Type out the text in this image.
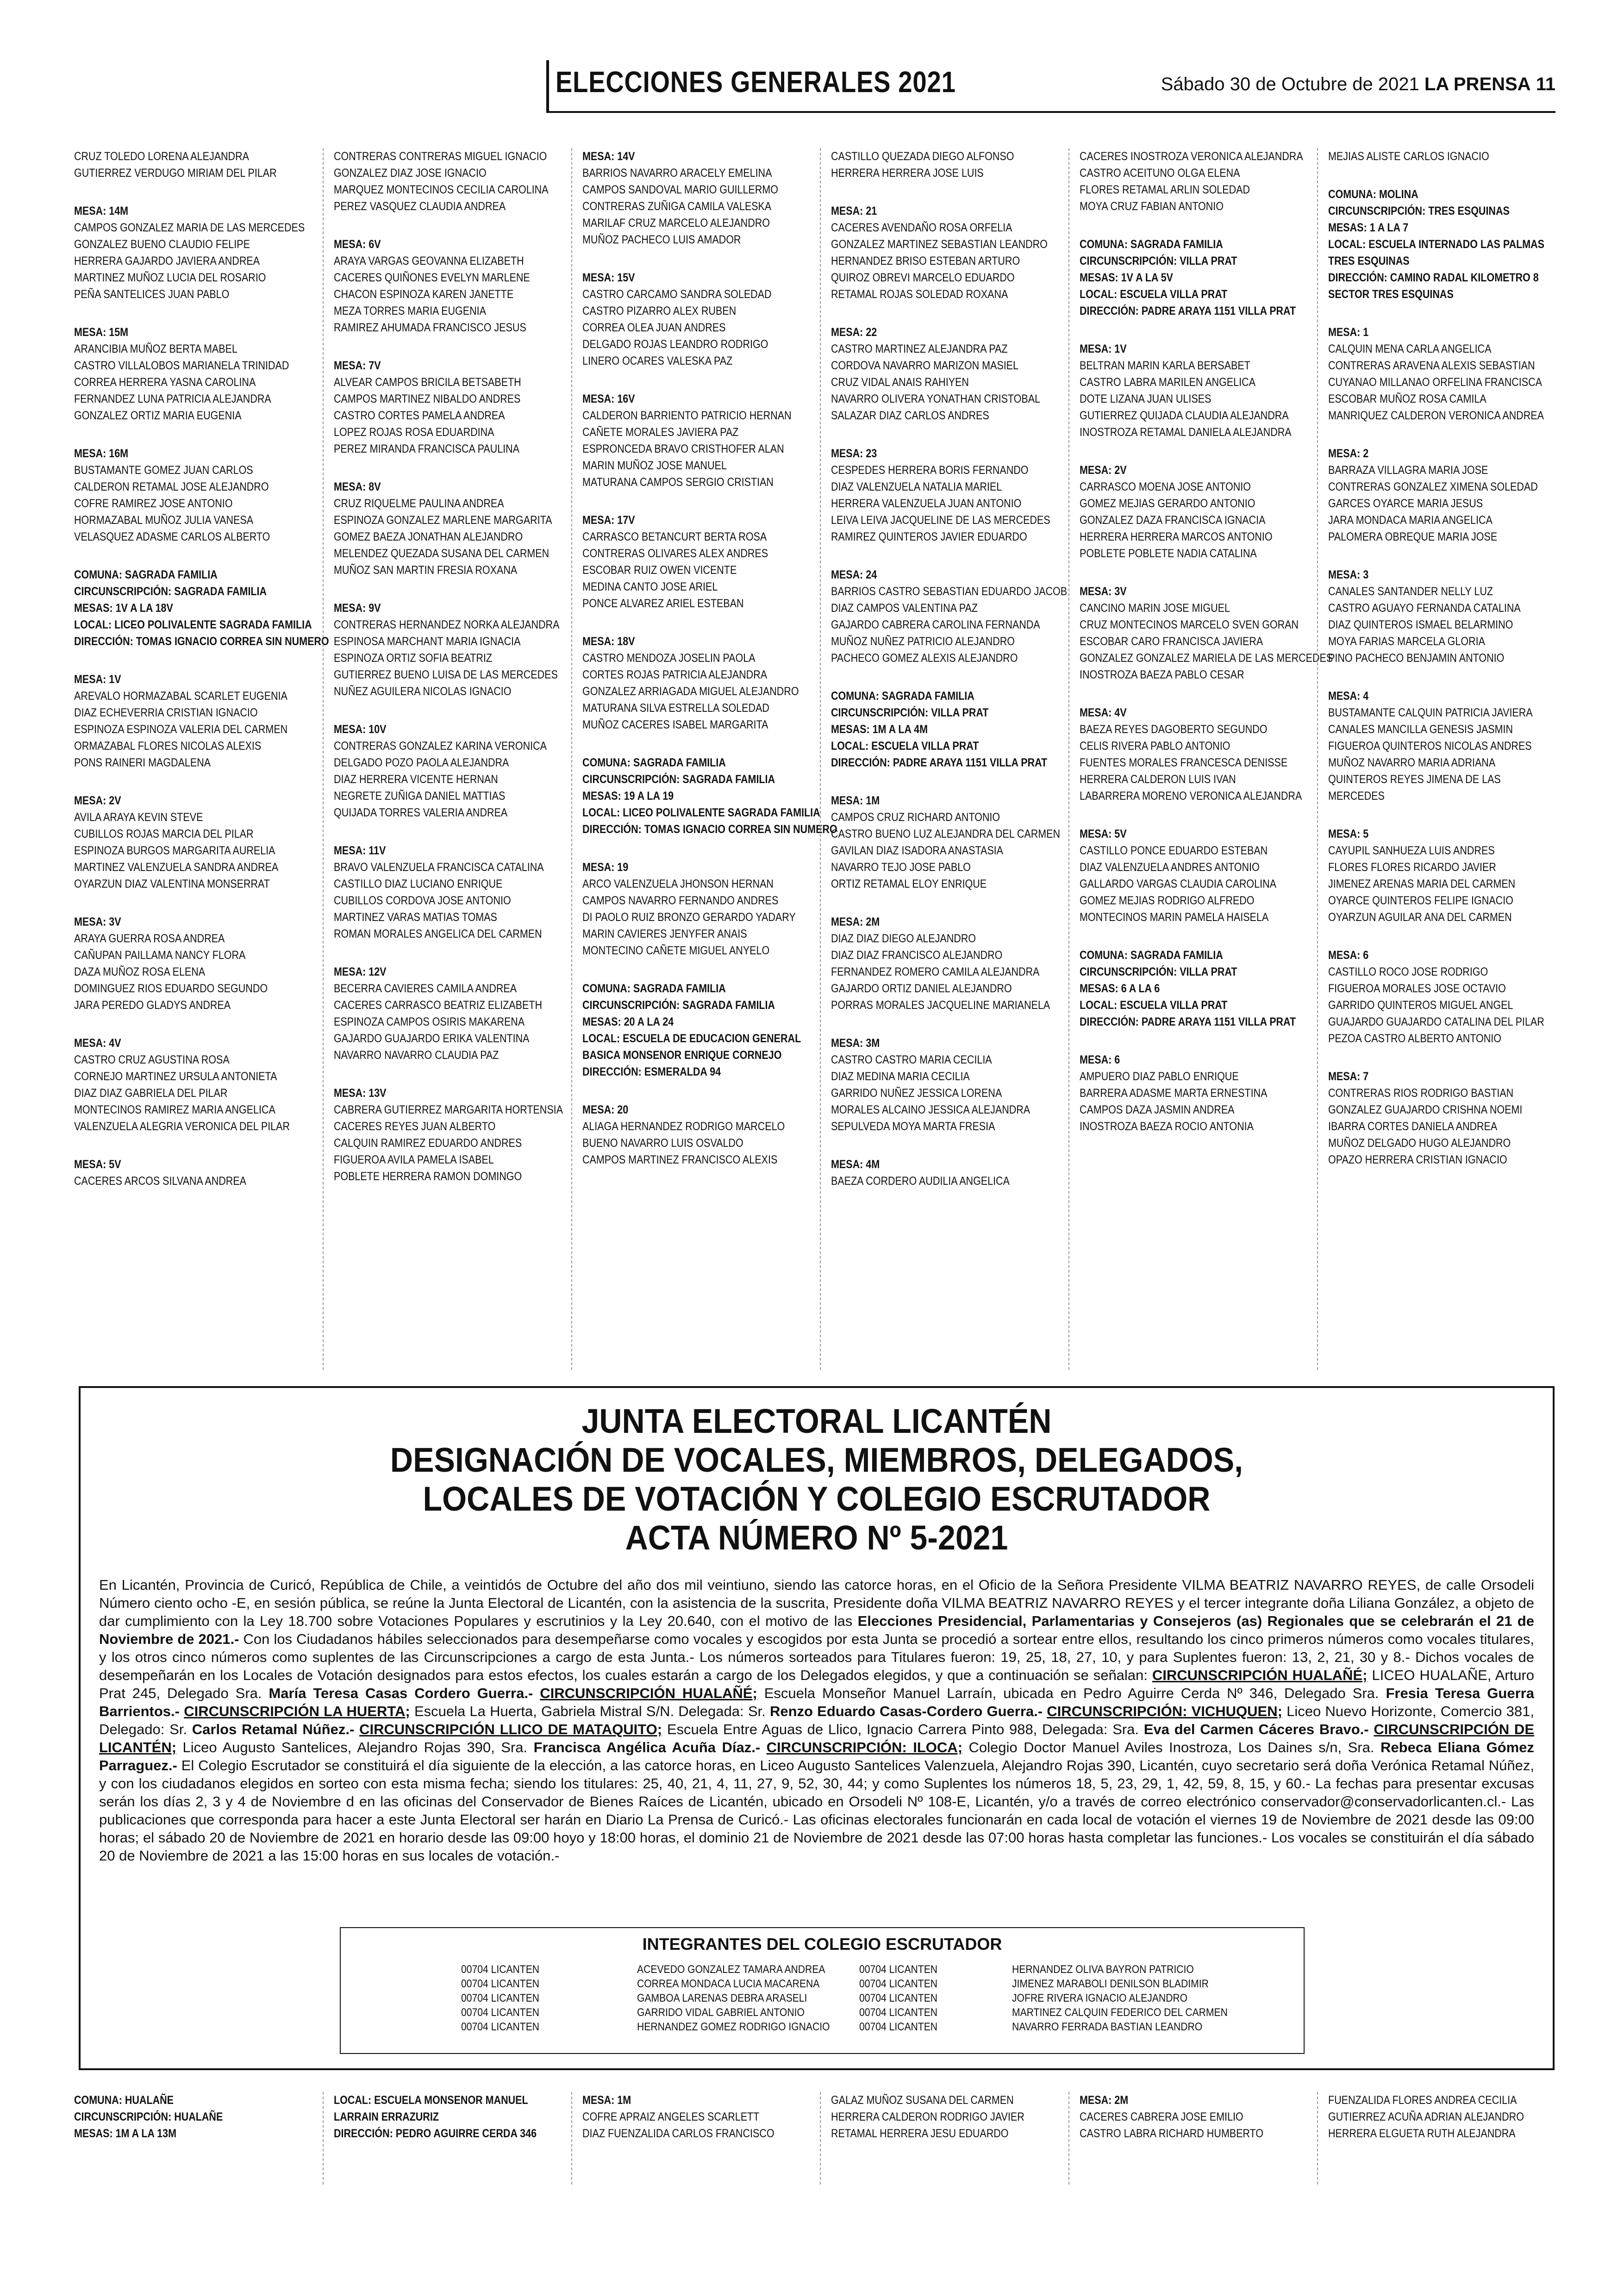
ELECCIONES GENERALES 2021	Sábado 30 de Octubre de 2021 LA PRENSA 11
CRUZ TOLEDO LORENA ALEJANDRA
GUTIERREZ VERDUGO MIRIAM DEL PILAR
MESA: 14M
CAMPOS GONZALEZ MARIA DE LAS MERCEDES
GONZALEZ BUENO CLAUDIO FELIPE
HERRERA GAJARDO JAVIERA ANDREA
MARTINEZ MUÑOZ LUCIA DEL ROSARIO
PEÑA SANTELICES JUAN PABLO
MESA: 15M
ARANCIBIA MUÑOZ BERTA MABEL
CASTRO VILLALOBOS MARIANELA TRINIDAD
CORREA HERRERA YASNA CAROLINA
FERNANDEZ LUNA PATRICIA ALEJANDRA
GONZALEZ ORTIZ MARIA EUGENIA
MESA: 16M
BUSTAMANTE GOMEZ JUAN CARLOS
CALDERON RETAMAL JOSE ALEJANDRO
COFRE RAMIREZ JOSE ANTONIO
HORMAZABAL MUÑOZ JULIA VANESA
VELASQUEZ ADASME CARLOS ALBERTO
COMUNA: SAGRADA FAMILIA
CIRCUNSCRIPCIÓN: SAGRADA FAMILIA
MESAS: 1V A LA 18V
LOCAL: LICEO POLIVALENTE SAGRADA FAMILIA
DIRECCIÓN: TOMAS IGNACIO CORREA SIN NUMERO
MESA: 1V
AREVALO HORMAZABAL SCARLET EUGENIA
DIAZ ECHEVERRIA CRISTIAN IGNACIO
ESPINOZA ESPINOZA VALERIA DEL CARMEN
ORMAZABAL FLORES NICOLAS ALEXIS
PONS RAINERI MAGDALENA
MESA: 2V
AVILA ARAYA KEVIN STEVE
CUBILLOS ROJAS MARCIA DEL PILAR
ESPINOZA BURGOS MARGARITA AURELIA
MARTINEZ VALENZUELA SANDRA ANDREA
OYARZUN DIAZ VALENTINA MONSERRAT
MESA: 3V
ARAYA GUERRA ROSA ANDREA
CAÑUPAN PAILLAMA NANCY FLORA
DAZA MUÑOZ ROSA ELENA
DOMINGUEZ RIOS EDUARDO SEGUNDO
JARA PEREDO GLADYS ANDREA
MESA: 4V
CASTRO CRUZ AGUSTINA ROSA
CORNEJO MARTINEZ URSULA ANTONIETA
DIAZ DIAZ GABRIELA DEL PILAR
MONTECINOS RAMIREZ MARIA ANGELICA
VALENZUELA ALEGRIA VERONICA DEL PILAR
MESA: 5V
CACERES ARCOS SILVANA ANDREA
CONTRERAS CONTRERAS MIGUEL IGNACIO
GONZALEZ DIAZ JOSE IGNACIO
MARQUEZ MONTECINOS CECILIA CAROLINA
PEREZ VASQUEZ CLAUDIA ANDREA
MESA: 6V
ARAYA VARGAS GEOVANNA ELIZABETH
CACERES QUIÑONES EVELYN MARLENE
CHACON ESPINOZA KAREN JANETTE
MEZA TORRES MARIA EUGENIA
RAMIREZ AHUMADA FRANCISCO JESUS
MESA: 7V
ALVEAR CAMPOS BRICILA BETSABETH
CAMPOS MARTINEZ NIBALDO ANDRES
CASTRO CORTES PAMELA ANDREA
LOPEZ ROJAS ROSA EDUARDINA
PEREZ MIRANDA FRANCISCA PAULINA
MESA: 8V
CRUZ RIQUELME PAULINA ANDREA
ESPINOZA GONZALEZ MARLENE MARGARITA
GOMEZ BAEZA JONATHAN ALEJANDRO
MELENDEZ QUEZADA SUSANA DEL CARMEN
MUÑOZ SAN MARTIN FRESIA ROXANA
MESA: 9V
CONTRERAS HERNANDEZ NORKA ALEJANDRA
ESPINOSA MARCHANT MARIA IGNACIA
ESPINOZA ORTIZ SOFIA BEATRIZ
GUTIERREZ BUENO LUISA DE LAS MERCEDES
NUÑEZ AGUILERA NICOLAS IGNACIO
MESA: 10V
CONTRERAS GONZALEZ KARINA VERONICA
DELGADO POZO PAOLA ALEJANDRA
DIAZ HERRERA VICENTE HERNAN
NEGRETE ZUÑIGA DANIEL MATTIAS
QUIJADA TORRES VALERIA ANDREA
MESA: 11V
BRAVO VALENZUELA FRANCISCA CATALINA
CASTILLO DIAZ LUCIANO ENRIQUE
CUBILLOS CORDOVA JOSE ANTONIO
MARTINEZ VARAS MATIAS TOMAS
ROMAN MORALES ANGELICA DEL CARMEN
MESA: 12V
BECERRA CAVIERES CAMILA ANDREA
CACERES CARRASCO BEATRIZ ELIZABETH
ESPINOZA CAMPOS OSIRIS MAKARENA
GAJARDO GUAJARDO ERIKA VALENTINA
NAVARRO NAVARRO CLAUDIA PAZ
MESA: 13V
CABRERA GUTIERREZ MARGARITA HORTENSIA
CACERES REYES JUAN ALBERTO
CALQUIN RAMIREZ EDUARDO ANDRES
FIGUEROA AVILA PAMELA ISABEL
POBLETE HERRERA RAMON DOMINGO
MESA: 14V
BARRIOS NAVARRO ARACELY EMELINA
CAMPOS SANDOVAL MARIO GUILLERMO
CONTRERAS ZUÑIGA CAMILA VALESKA
MARILAF CRUZ MARCELO ALEJANDRO
MUÑOZ PACHECO LUIS AMADOR
MESA: 15V
CASTRO CARCAMO SANDRA SOLEDAD
CASTRO PIZARRO ALEX RUBEN
CORREA OLEA JUAN ANDRES
DELGADO ROJAS LEANDRO RODRIGO
LINERO OCARES VALESKA PAZ
MESA: 16V
CALDERON BARRIENTO PATRICIO HERNAN
CAÑETE MORALES JAVIERA PAZ
ESPRONCEDA BRAVO CRISTHOFER ALAN
MARIN MUÑOZ JOSE MANUEL
MATURANA CAMPOS SERGIO CRISTIAN
MESA: 17V
CARRASCO BETANCURT BERTA ROSA
CONTRERAS OLIVARES ALEX ANDRES
ESCOBAR RUIZ OWEN VICENTE
MEDINA CANTO JOSE ARIEL
PONCE ALVAREZ ARIEL ESTEBAN
MESA: 18V
CASTRO MENDOZA JOSELIN PAOLA
CORTES ROJAS PATRICIA ALEJANDRA
GONZALEZ ARRIAGADA MIGUEL ALEJANDRO
MATURANA SILVA ESTRELLA SOLEDAD
MUÑOZ CACERES ISABEL MARGARITA
COMUNA: SAGRADA FAMILIA
CIRCUNSCRIPCIÓN: SAGRADA FAMILIA
MESAS: 19 A LA 19
LOCAL: LICEO POLIVALENTE SAGRADA FAMILIA
DIRECCIÓN: TOMAS IGNACIO CORREA SIN NUMERO
MESA: 19
ARCO VALENZUELA JHONSON HERNAN
CAMPOS NAVARRO FERNANDO ANDRES
DI PAOLO RUIZ BRONZO GERARDO YADARY
MARIN CAVIERES JENYFER ANAIS
MONTECINO CAÑETE MIGUEL ANYELO
COMUNA: SAGRADA FAMILIA
CIRCUNSCRIPCIÓN: SAGRADA FAMILIA
MESAS: 20 A LA 24
LOCAL: ESCUELA DE EDUCACION GENERAL
BASICA MONSENOR ENRIQUE CORNEJO
DIRECCIÓN: ESMERALDA 94
MESA: 20
ALIAGA HERNANDEZ RODRIGO MARCELO
BUENO NAVARRO LUIS OSVALDO
CAMPOS MARTINEZ FRANCISCO ALEXIS
CASTILLO QUEZADA DIEGO ALFONSO
HERRERA HERRERA JOSE LUIS
MESA: 21
CACERES AVENDAÑO ROSA ORFELIA
GONZALEZ MARTINEZ SEBASTIAN LEANDRO
HERNANDEZ BRISO ESTEBAN ARTURO
QUIROZ OBREVI MARCELO EDUARDO
RETAMAL ROJAS SOLEDAD ROXANA
MESA: 22
CASTRO MARTINEZ ALEJANDRA PAZ
CORDOVA NAVARRO MARIZON MASIEL
CRUZ VIDAL ANAIS RAHIYEN
NAVARRO OLIVERA YONATHAN CRISTOBAL
SALAZAR DIAZ CARLOS ANDRES
MESA: 23
CESPEDES HERRERA BORIS FERNANDO
DIAZ VALENZUELA NATALIA MARIEL
HERRERA VALENZUELA JUAN ANTONIO
LEIVA LEIVA JACQUELINE DE LAS MERCEDES
RAMIREZ QUINTEROS JAVIER EDUARDO
MESA: 24
BARRIOS CASTRO SEBASTIAN EDUARDO JACOB
DIAZ CAMPOS VALENTINA PAZ
GAJARDO CABRERA CAROLINA FERNANDA
MUÑOZ NUÑEZ PATRICIO ALEJANDRO
PACHECO GOMEZ ALEXIS ALEJANDRO
COMUNA: SAGRADA FAMILIA
CIRCUNSCRIPCIÓN: VILLA PRAT
MESAS: 1M A LA 4M
LOCAL: ESCUELA VILLA PRAT
DIRECCIÓN: PADRE ARAYA 1151 VILLA PRAT
MESA: 1M
CAMPOS CRUZ RICHARD ANTONIO
CASTRO BUENO LUZ ALEJANDRA DEL CARMEN
GAVILAN DIAZ ISADORA ANASTASIA
NAVARRO TEJO JOSE PABLO
ORTIZ RETAMAL ELOY ENRIQUE
MESA: 2M
DIAZ DIAZ DIEGO ALEJANDRO
DIAZ DIAZ FRANCISCO ALEJANDRO
FERNANDEZ ROMERO CAMILA ALEJANDRA
GAJARDO ORTIZ DANIEL ALEJANDRO
PORRAS MORALES JACQUELINE MARIANELA
MESA: 3M
CASTRO CASTRO MARIA CECILIA
DIAZ MEDINA MARIA CECILIA
GARRIDO NUÑEZ JESSICA LORENA
MORALES ALCAINO JESSICA ALEJANDRA
SEPULVEDA MOYA MARTA FRESIA
MESA: 4M
BAEZA CORDERO AUDILIA ANGELICA
CACERES INOSTROZA VERONICA ALEJANDRA
CASTRO ACEITUNO OLGA ELENA
FLORES RETAMAL ARLIN SOLEDAD
MOYA CRUZ FABIAN ANTONIO
COMUNA: SAGRADA FAMILIA
CIRCUNSCRIPCIÓN: VILLA PRAT
MESAS: 1V A LA 5V
LOCAL: ESCUELA VILLA PRAT
DIRECCIÓN: PADRE ARAYA 1151 VILLA PRAT
MESA: 1V
BELTRAN MARIN KARLA BERSABET
CASTRO LABRA MARILEN ANGELICA
DOTE LIZANA JUAN ULISES
GUTIERREZ QUIJADA CLAUDIA ALEJANDRA
INOSTROZA RETAMAL DANIELA ALEJANDRA
MESA: 2V
CARRASCO MOENA JOSE ANTONIO
GOMEZ MEJIAS GERARDO ANTONIO
GONZALEZ DAZA FRANCISCA IGNACIA
HERRERA HERRERA MARCOS ANTONIO
POBLETE POBLETE NADIA CATALINA
MESA: 3V
CANCINO MARIN JOSE MIGUEL
CRUZ MONTECINOS MARCELO SVEN GORAN
ESCOBAR CARO FRANCISCA JAVIERA
GONZALEZ GONZALEZ MARIELA DE LAS MERCEDES
INOSTROZA BAEZA PABLO CESAR
MESA: 4V
BAEZA REYES DAGOBERTO SEGUNDO
CELIS RIVERA PABLO ANTONIO
FUENTES MORALES FRANCESCA DENISSE
HERRERA CALDERON LUIS IVAN
LABARRERA MORENO VERONICA ALEJANDRA
MESA: 5V
CASTILLO PONCE EDUARDO ESTEBAN
DIAZ VALENZUELA ANDRES ANTONIO
GALLARDO VARGAS CLAUDIA CAROLINA
GOMEZ MEJIAS RODRIGO ALFREDO
MONTECINOS MARIN PAMELA HAISELA
COMUNA: SAGRADA FAMILIA
CIRCUNSCRIPCIÓN: VILLA PRAT
MESAS: 6 A LA 6
LOCAL: ESCUELA VILLA PRAT
DIRECCIÓN: PADRE ARAYA 1151 VILLA PRAT
MESA: 6
AMPUERO DIAZ PABLO ENRIQUE
BARRERA ADASME MARTA ERNESTINA
CAMPOS DAZA JASMIN ANDREA
INOSTROZA BAEZA ROCIO ANTONIA
MEJIAS ALISTE CARLOS IGNACIO
COMUNA: MOLINA
CIRCUNSCRIPCIÓN: TRES ESQUINAS
MESAS: 1 A LA 7
LOCAL: ESCUELA INTERNADO LAS PALMAS
TRES ESQUINAS
DIRECCIÓN: CAMINO RADAL KILOMETRO 8
SECTOR TRES ESQUINAS
MESA: 1
CALQUIN MENA CARLA ANGELICA
CONTRERAS ARAVENA ALEXIS SEBASTIAN
CUYANAO MILLANAO ORFELINA FRANCISCA
ESCOBAR MUÑOZ ROSA CAMILA
MANRIQUEZ CALDERON VERONICA ANDREA
MESA: 2
BARRAZA VILLAGRA MARIA JOSE
CONTRERAS GONZALEZ XIMENA SOLEDAD
GARCES OYARCE MARIA JESUS
JARA MONDACA MARIA ANGELICA
PALOMERA OBREQUE MARIA JOSE
MESA: 3
CANALES SANTANDER NELLY LUZ
CASTRO AGUAYO FERNANDA CATALINA
DIAZ QUINTEROS ISMAEL BELARMINO
MOYA FARIAS MARCELA GLORIA
PINO PACHECO BENJAMIN ANTONIO
MESA: 4
BUSTAMANTE CALQUIN PATRICIA JAVIERA
CANALES MANCILLA GENESIS JASMIN
FIGUEROA QUINTEROS NICOLAS ANDRES
MUÑOZ NAVARRO MARIA ADRIANA
QUINTEROS REYES JIMENA DE LAS
MERCEDES
MESA: 5
CAYUPIL SANHUEZA LUIS ANDRES
FLORES FLORES RICARDO JAVIER
JIMENEZ ARENAS MARIA DEL CARMEN
OYARCE QUINTEROS FELIPE IGNACIO
OYARZUN AGUILAR ANA DEL CARMEN
MESA: 6
CASTILLO ROCO JOSE RODRIGO
FIGUEROA MORALES JOSE OCTAVIO
GARRIDO QUINTEROS MIGUEL ANGEL
GUAJARDO GUAJARDO CATALINA DEL PILAR
PEZOA CASTRO ALBERTO ANTONIO
MESA: 7
CONTRERAS RIOS RODRIGO BASTIAN
GONZALEZ GUAJARDO CRISHNA NOEMI
IBARRA CORTES DANIELA ANDREA
MUÑOZ DELGADO HUGO ALEJANDRO
OPAZO HERRERA CRISTIAN IGNACIO
JUNTA ELECTORAL LICANTÉN
DESIGNACIÓN DE VOCALES, MIEMBROS, DELEGADOS,
LOCALES DE VOTACIÓN Y COLEGIO ESCRUTADOR
ACTA NÚMERO Nº 5-2021
En Licantén, Provincia de Curicó, República de Chile, a veintidós de Octubre del año dos mil veintiuno, siendo las catorce horas, en el Oficio de la Señora Presidente VILMA BEATRIZ NAVARRO REYES, de calle Orsodeli Número ciento ocho -E, en sesión pública, se reúne la Junta Electoral de Licantén, con la asistencia de la suscrita, Presidente doña VILMA BEATRIZ NAVARRO REYES y el tercer integrante doña Liliana González, a objeto de dar cumplimiento con la Ley 18.700 sobre Votaciones Populares y escrutinios y la Ley 20.640, con el motivo de las Elecciones Presidencial, Parlamentarias y Consejeros (as) Regionales que se celebrarán el 21 de Noviembre de 2021.- Con los Ciudadanos hábiles seleccionados para desempeñarse como vocales y escogidos por esta Junta se procedió a sortear entre ellos, resultando los cinco primeros números como vocales titulares, y los otros cinco números como suplentes de las Circunscripciones a cargo de esta Junta.- Los números sorteados para Titulares fueron: 19, 25, 18, 27, 10, y para Suplentes fueron: 13, 2, 21, 30 y 8.- Dichos vocales de desempeñarán en los Locales de Votación designados para estos efectos, los cuales estarán a cargo de los Delegados elegidos, y que a continuación se señalan: CIRCUNSCRIPCIÓN HUALAÑÉ; LICEO HUALAÑE, Arturo Prat 245, Delegado Sra. María Teresa Casas Cordero Guerra.- CIRCUNSCRIPCIÓN HUALAÑÉ; Escuela Monseñor Manuel Larraín, ubicada en Pedro Aguirre Cerda Nº 346, Delegado Sra. Fresia Teresa Guerra Barrientos.- CIRCUNSCRIPCIÓN LA HUERTA; Escuela La Huerta, Gabriela Mistral S/N. Delegada: Sr. Renzo Eduardo Casas-Cordero Guerra.- CIRCUNSCRIPCIÓN: VICHUQUEN; Liceo Nuevo Horizonte, Comercio 381, Delegado: Sr. Carlos Retamal Núñez.- CIRCUNSCRIPCIÓN LLICO DE MATAQUITO; Escuela Entre Aguas de Llico, Ignacio Carrera Pinto 988, Delegada: Sra. Eva del Carmen Cáceres Bravo.- CIRCUNSCRIPCIÓN DE LICANTÉN; Liceo Augusto Santelices, Alejandro Rojas 390, Sra. Francisca Angélica Acuña Díaz.- CIRCUNSCRIPCIÓN: ILOCA; Colegio Doctor Manuel Aviles Inostroza, Los Daines s/n, Sra. Rebeca Eliana Gómez Parraguez.- El Colegio Escrutador se constituirá el día siguiente de la elección, a las catorce horas, en Liceo Augusto Santelices Valenzuela, Alejandro Rojas 390, Licantén, cuyo secretario será doña Verónica Retamal Núñez, y con los ciudadanos elegidos en sorteo con esta misma fecha; siendo los titulares: 25, 40, 21, 4, 11, 27, 9, 52, 30, 44; y como Suplentes los números 18, 5, 23, 29, 1, 42, 59, 8, 15, y 60.- La fechas para presentar excusas serán los días 2, 3 y 4 de Noviembre d en las oficinas del Conservador de Bienes Raíces de Licantén, ubicado en Orsodeli Nº 108-E, Licantén, y/o a través de correo electrónico conservador@conservadorlicanten.cl.- Las publicaciones que corresponda para hacer a este Junta Electoral ser harán en Diario La Prensa de Curicó.- Las oficinas electorales funcionarán en cada local de votación el viernes 19 de Noviembre de 2021 desde las 09:00 horas; el sábado 20 de Noviembre de 2021 en horario desde las 09:00 hoyo y 18:00 horas, el dominio 21 de Noviembre de 2021 desde las 07:00 horas hasta completar las funciones.- Los vocales se constituirán el día sábado 20 de Noviembre de 2021 a las 15:00 horas en sus locales de votación.-
INTEGRANTES DEL COLEGIO ESCRUTADOR
00704 LICANTEN
00704 LICANTEN
00704 LICANTEN
00704 LICANTEN
00704 LICANTEN
ACEVEDO GONZALEZ TAMARA ANDREA
CORREA MONDACA LUCIA MACARENA
GAMBOA LARENAS DEBRA ARASELI
GARRIDO VIDAL GABRIEL ANTONIO
HERNANDEZ GOMEZ RODRIGO IGNACIO
00704 LICANTEN
00704 LICANTEN
00704 LICANTEN
00704 LICANTEN
00704 LICANTEN
HERNANDEZ OLIVA BAYRON PATRICIO
JIMENEZ MARABOLI DENILSON BLADIMIR
JOFRE RIVERA IGNACIO ALEJANDRO
MARTINEZ CALQUIN FEDERICO DEL CARMEN
NAVARRO FERRADA BASTIAN LEANDRO
COMUNA: HUALAÑE
CIRCUNSCRIPCIÓN: HUALAÑE
MESAS: 1M A LA 13M
LOCAL: ESCUELA MONSENOR MANUEL
LARRAIN ERRAZURIZ
DIRECCIÓN: PEDRO AGUIRRE CERDA 346
MESA: 1M
COFRE APRAIZ ANGELES SCARLETT
DIAZ FUENZALIDA CARLOS FRANCISCO
GALAZ MUÑOZ SUSANA DEL CARMEN
HERRERA CALDERON RODRIGO JAVIER
RETAMAL HERRERA JESU EDUARDO
MESA: 2M
CACERES CABRERA JOSE EMILIO
CASTRO LABRA RICHARD HUMBERTO
FUENZALIDA FLORES ANDREA CECILIA
GUTIERREZ ACUÑA ADRIAN ALEJANDRO
HERRERA ELGUETA RUTH ALEJANDRA
